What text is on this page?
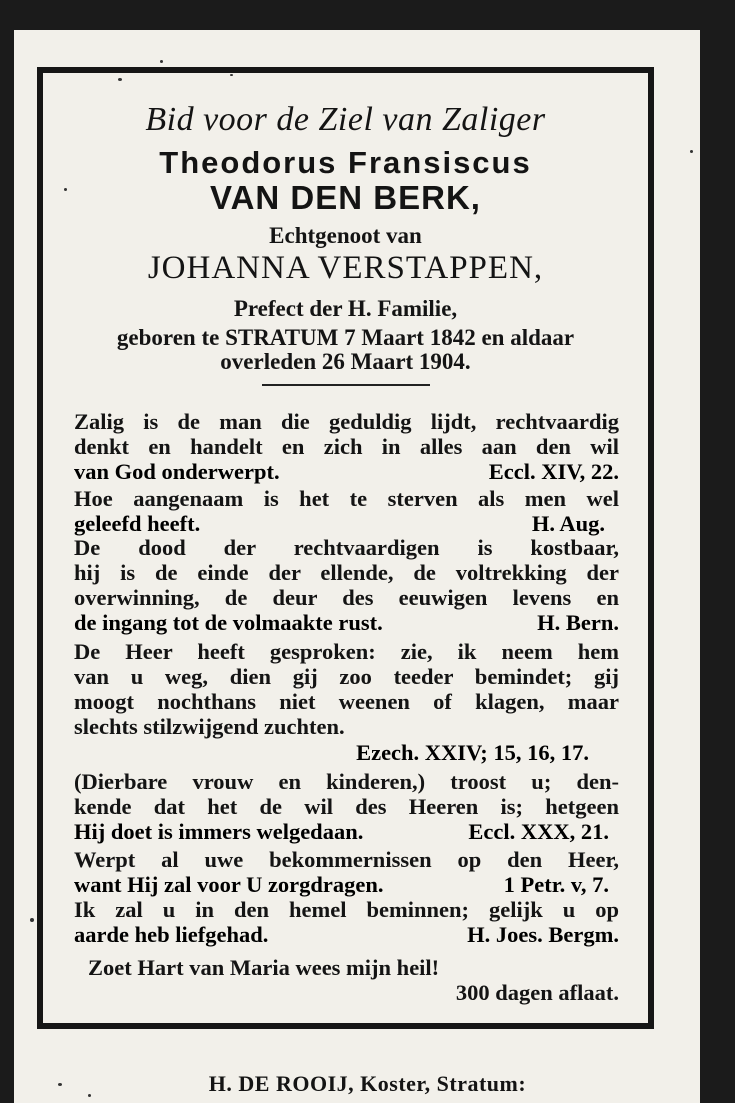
Bid voor de Ziel van Zaliger
Theodorus Fransiscus
VAN DEN BERK,
Echtgenoot van
JOHANNA VERSTAPPEN,
Prefect der H. Familie,
geboren te STRATUM 7 Maart 1842 en aldaar
overleden 26 Maart 1904.
Zalig is de man die geduldig lijdt, rechtvaardig
denkt en handelt en zich in alles aan den wil
van God onderwerpt.	Eccl. XIV, 22.
Hoe aangenaam is het te sterven als men wel
geleefd heeft.	H. Aug.
De dood der rechtvaardigen is kostbaar,
hij is de einde der ellende, de voltrekking der
overwinning, de deur des eeuwigen levens en
de ingang tot de volmaakte rust.	H. Bern.
De Heer heeft gesproken: zie, ik neem hem
van u weg, dien gij zoo teeder bemindet; gij
moogt nochthans niet weenen of klagen, maar
slechts stilzwijgend zuchten.
Ezech. XXIV; 15, 16, 17.
(Dierbare vrouw en kinderen,) troost u; den-
kende dat het de wil des Heeren is; hetgeen
Hij doet is immers welgedaan.	Eccl. XXX, 21.
Werpt al uwe bekommernissen op den Heer,
want Hij zal voor U zorgdragen.	1 Petr. v, 7.
Ik zal u in den hemel beminnen; gelijk u op
aarde heb liefgehad.	H. Joes. Bergm.
Zoet Hart van Maria wees mijn heil!
300 dagen aflaat.
H. DE ROOIJ, Koster, Stratum:
